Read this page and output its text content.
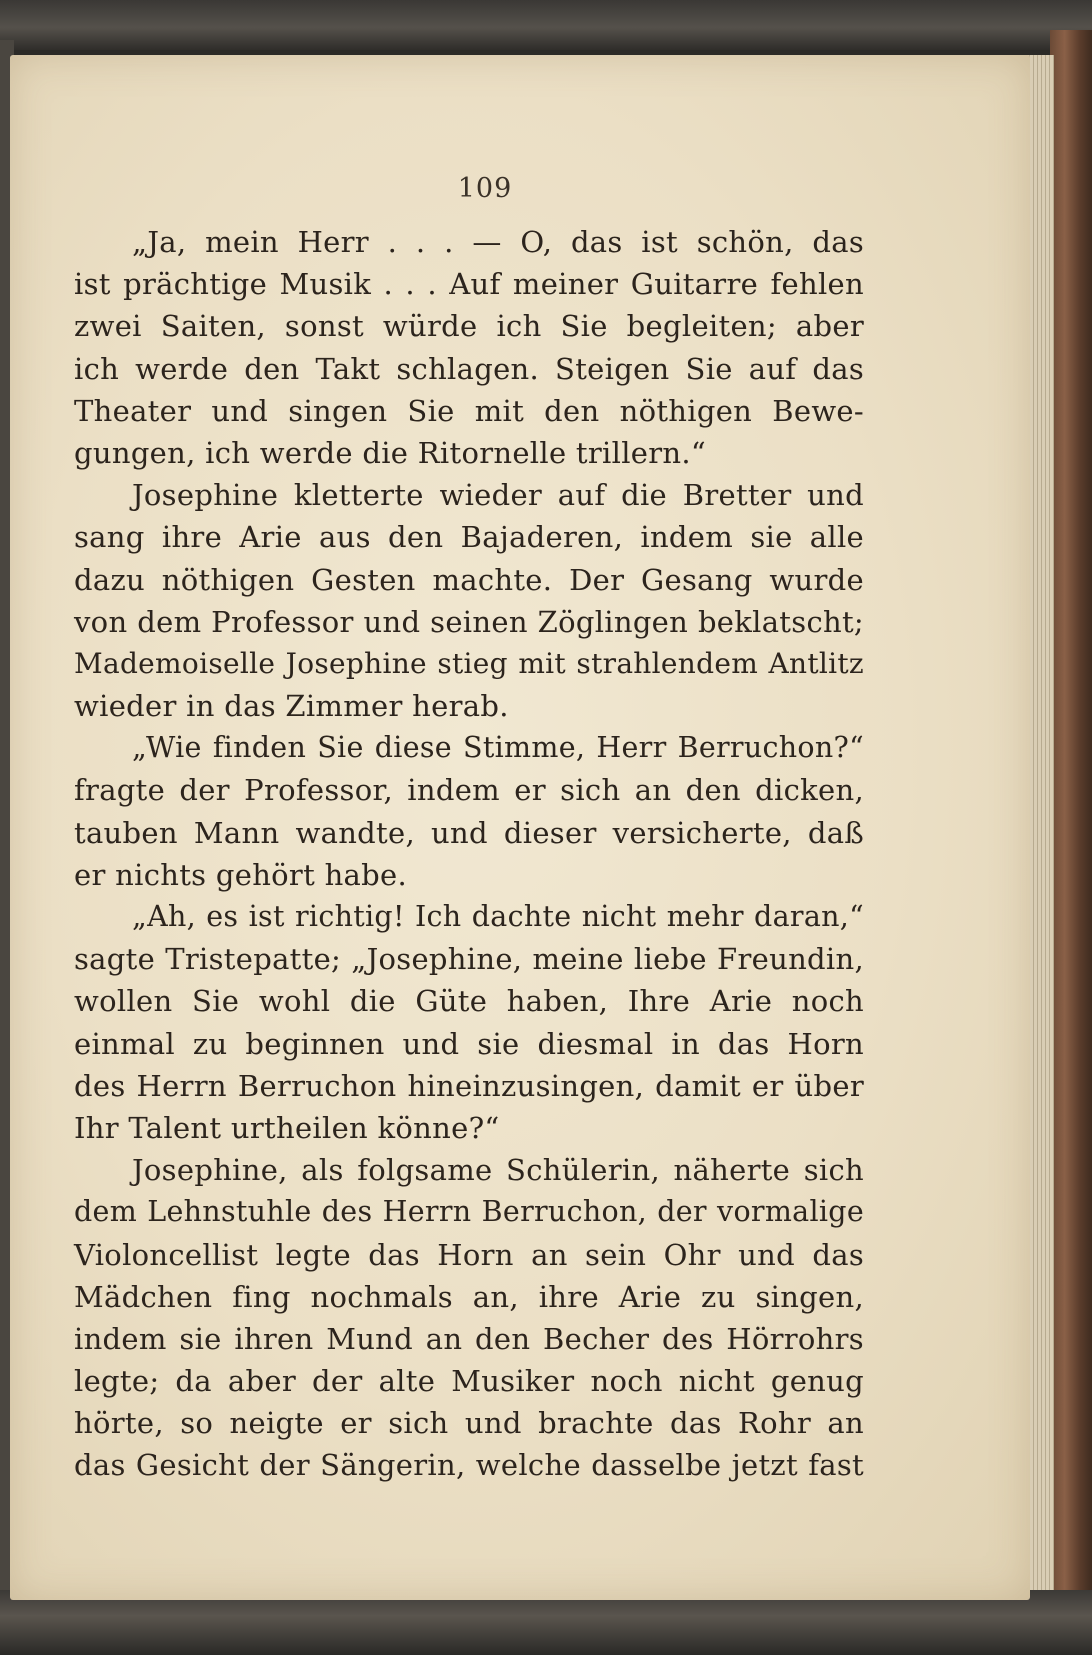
109
„Ja, mein Herr . . . — O, das ist schön, das
ist prächtige Musik . . . Auf meiner Guitarre fehlen
zwei Saiten, sonst würde ich Sie begleiten; aber
ich werde den Takt schlagen. Steigen Sie auf das
Theater und singen Sie mit den nöthigen Bewe-
gungen, ich werde die Ritornelle trillern.“
Josephine kletterte wieder auf die Bretter und
sang ihre Arie aus den Bajaderen, indem sie alle
dazu nöthigen Gesten machte. Der Gesang wurde
von dem Professor und seinen Zöglingen beklatscht;
Mademoiselle Josephine stieg mit strahlendem Antlitz
wieder in das Zimmer herab.
„Wie finden Sie diese Stimme, Herr Berruchon?“
fragte der Professor, indem er sich an den dicken,
tauben Mann wandte, und dieser versicherte, daß
er nichts gehört habe.
„Ah, es ist richtig! Ich dachte nicht mehr daran,“
sagte Tristepatte; „Josephine, meine liebe Freundin,
wollen Sie wohl die Güte haben, Ihre Arie noch
einmal zu beginnen und sie diesmal in das Horn
des Herrn Berruchon hineinzusingen, damit er über
Ihr Talent urtheilen könne?“
Josephine, als folgsame Schülerin, näherte sich
dem Lehnstuhle des Herrn Berruchon, der vormalige
Violoncellist legte das Horn an sein Ohr und das
Mädchen fing nochmals an, ihre Arie zu singen,
indem sie ihren Mund an den Becher des Hörrohrs
legte; da aber der alte Musiker noch nicht genug
hörte, so neigte er sich und brachte das Rohr an
das Gesicht der Sängerin, welche dasselbe jetzt fast
